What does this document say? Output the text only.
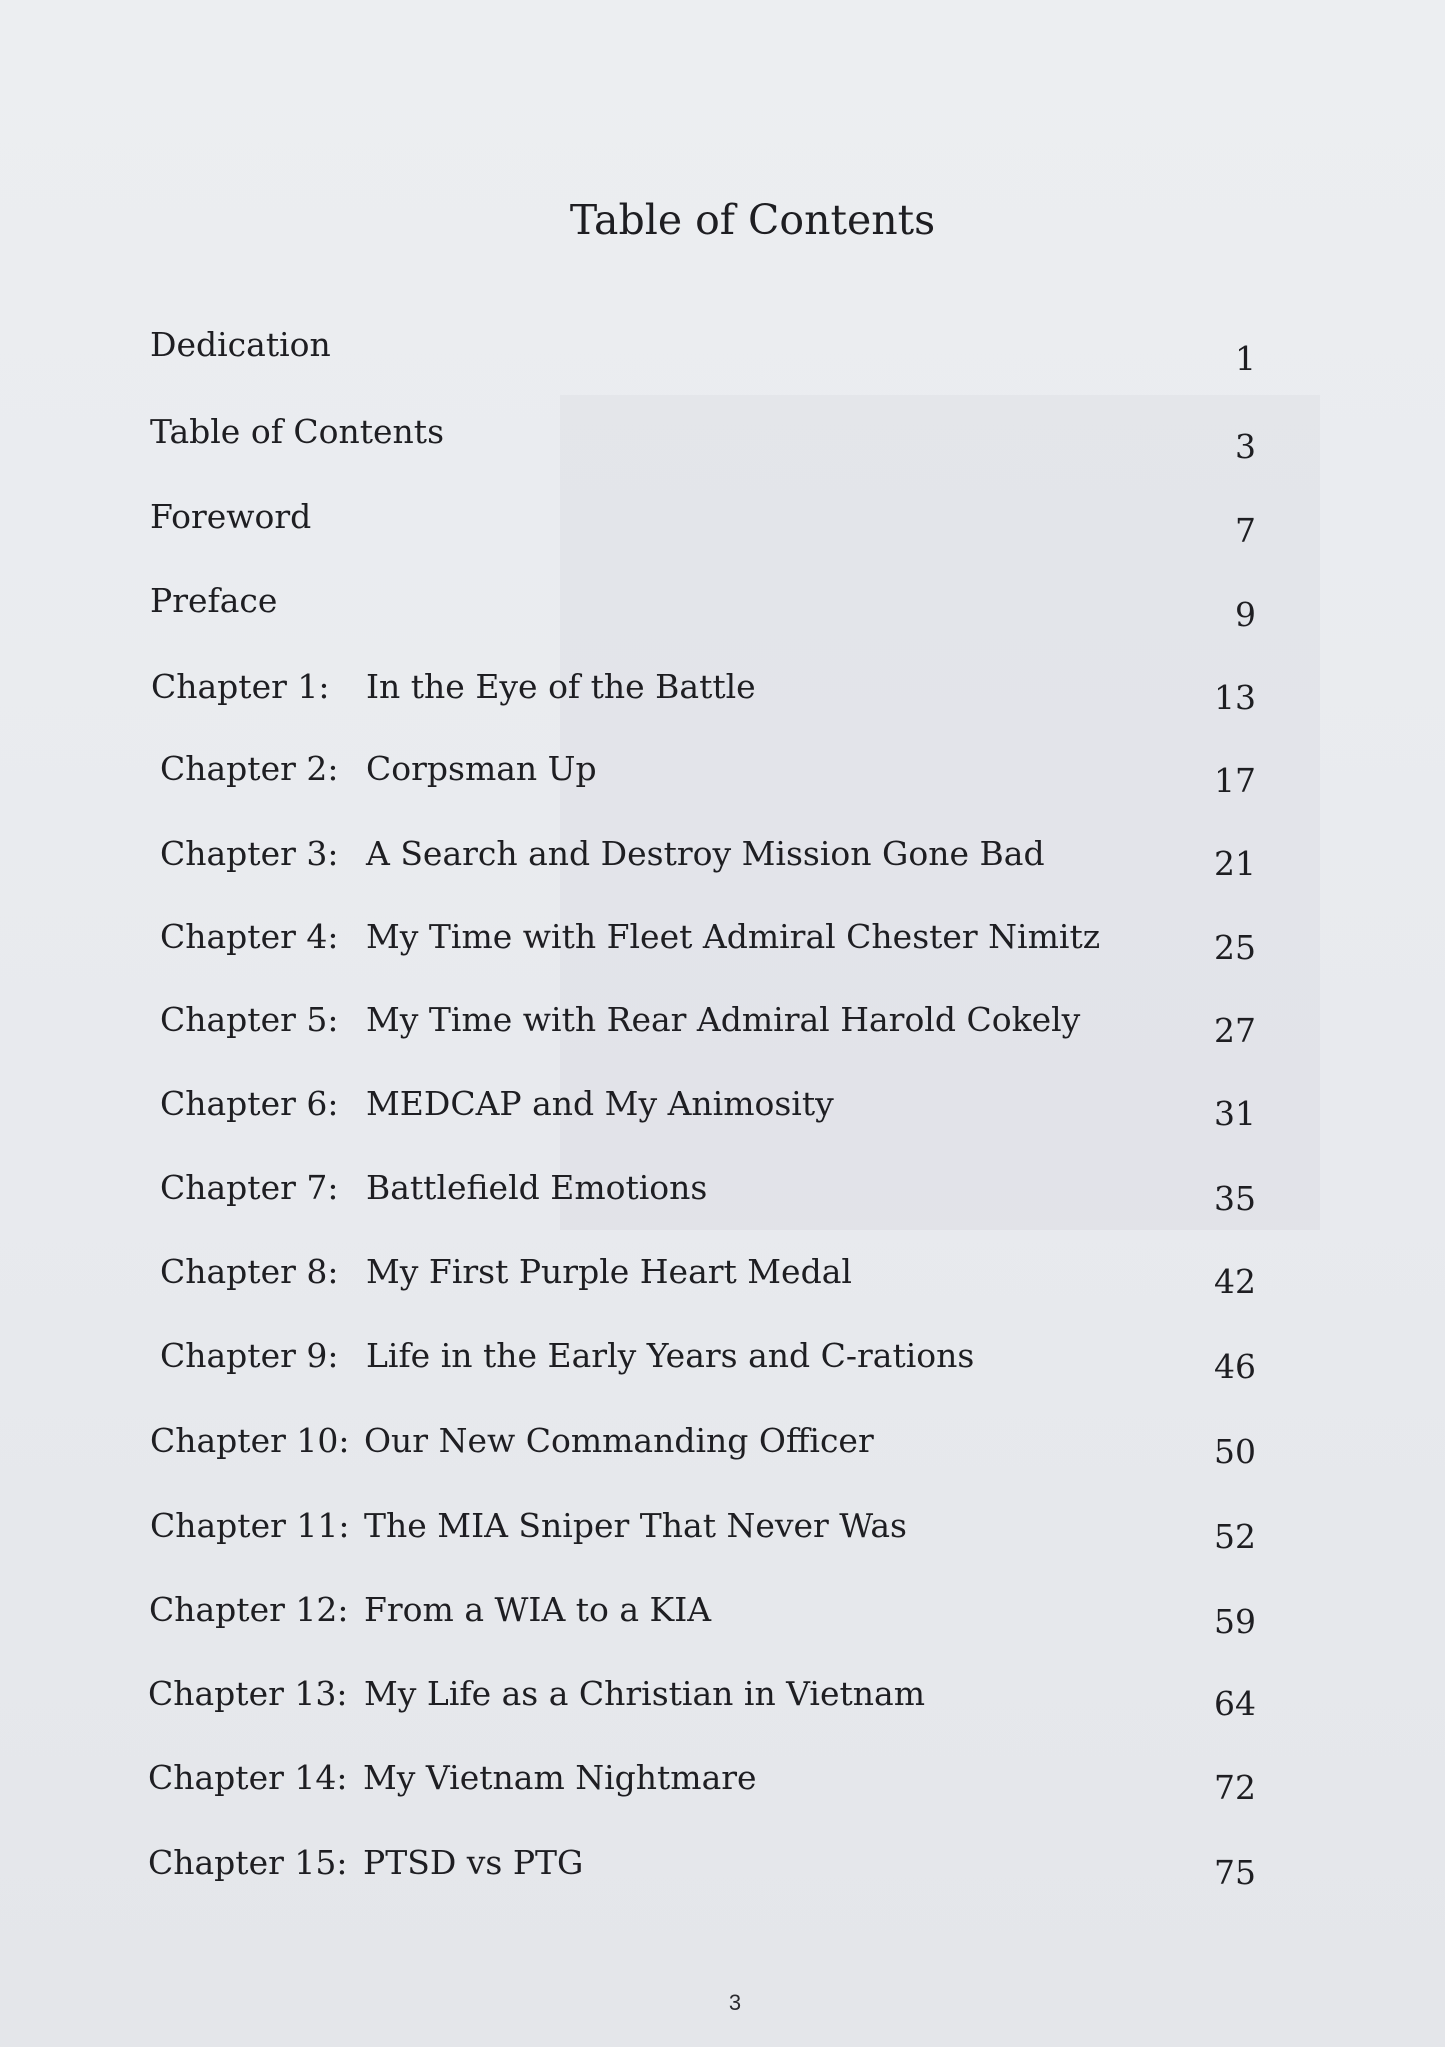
Table of Contents
Dedication	1
Table of Contents	3
Foreword	7
Preface	9
Chapter 1: In the Eye of the Battle	13
Chapter 2: Corpsman Up	17
Chapter 3: A Search and Destroy Mission Gone Bad	21
Chapter 4: My Time with Fleet Admiral Chester Nimitz	25
Chapter 5: My Time with Rear Admiral Harold Cokely	27
Chapter 6: MEDCAP and My Animosity	31
Chapter 7: Battlefield Emotions	35
Chapter 8: My First Purple Heart Medal	42
Chapter 9: Life in the Early Years and C-rations	46
Chapter 10: Our New Commanding Officer	50
Chapter 11: The MIA Sniper That Never Was	52
Chapter 12: From a WIA to a KIA	59
Chapter 13: My Life as a Christian in Vietnam	64
Chapter 14: My Vietnam Nightmare	72
Chapter 15: PTSD vs PTG	75
3
